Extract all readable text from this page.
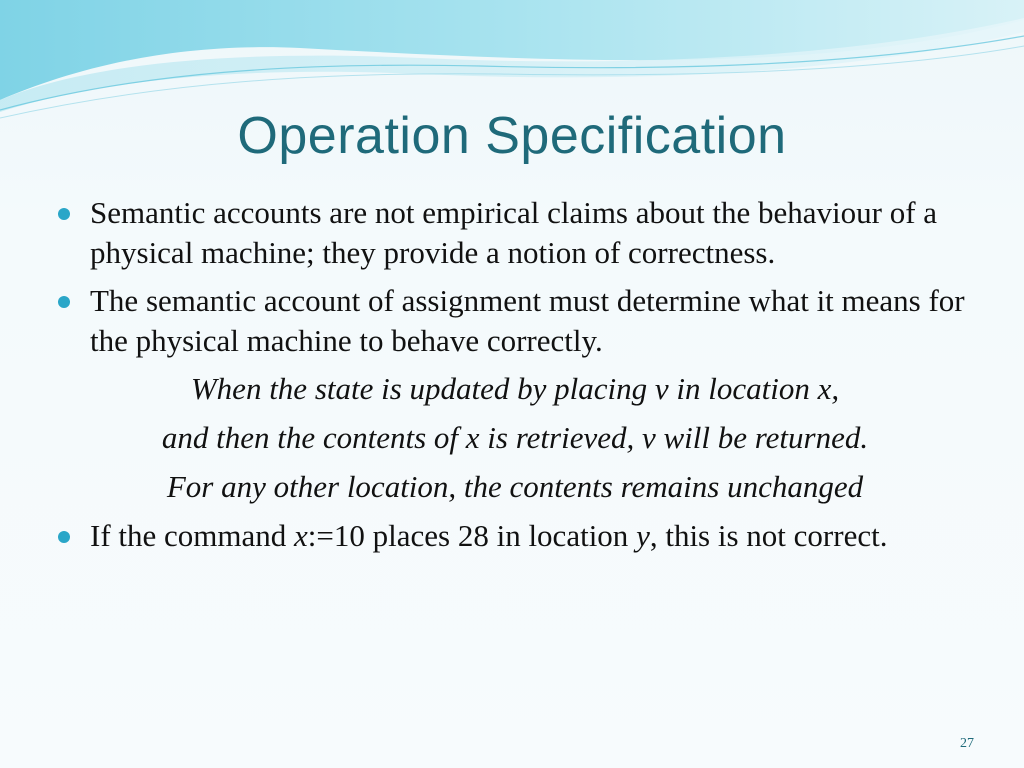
Operation Specification
Semantic accounts are not empirical claims about the behaviour of a physical machine; they provide a notion of correctness.
The semantic account of assignment must determine what it means for the physical machine to behave correctly.
When the state is updated by placing v in location x,
and then the contents of x is retrieved, v will be returned.
For any other location, the contents remains unchanged
If the command x:=10 places 28 in location y, this is not correct.
27
